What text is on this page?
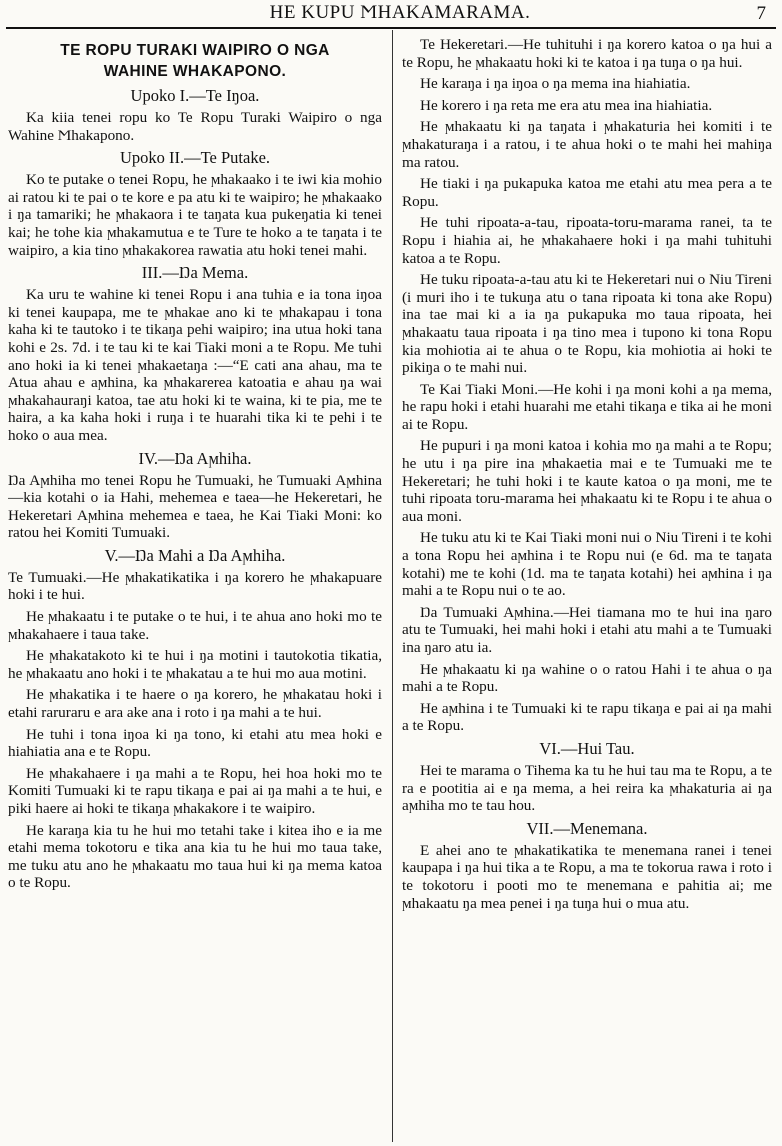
HE KUPU ϺHAKAMARAMA.	7
TE ROPU TURAKI WAIPIRO O NGA
WAHINE WHAKAPONO.
Upoko I.—Te Iŋoa.

Ka kiia tenei ropu ko Te Ropu Turaki Waipiro o nga Wahine Ϻhakapono.

Upoko II.—Te Putake.

Ko te putake o tenei Ropu, he ϻhakaako i te iwi kia mohio ai ratou ki te pai o te kore e pa atu ki te waipiro; he ϻhakaako i ŋa tamariki; he ϻhakaora i te taŋata kua pukeŋatia ki tenei kai; he tohe kia ϻhakamutua e te Ture te hoko a te taŋata i te waipiro, a kia tino ϻhakakorea rawatia atu hoki tenei mahi.

III.—Ŋa Mema.

Ka uru te wahine ki tenei Ropu i ana tuhia e ia tona iŋoa ki tenei kaupapa, me te ϻhakae ano ki te ϻhakapau i tona kaha ki te tautoko i te tikaŋa pehi waipiro; ina utua hoki tana kohi e 2s. 7d. i te tau ki te kai Tiaki moni a te Ropu. Me tuhi ano hoki ia ki tenei ϻhakaetaŋa :—“E cati ana ahau, ma te Atua ahau e aϻhina, ka ϻhakarerea katoatia e ahau ŋa wai ϻhakahauraŋi katoa, tae atu hoki ki te waina, ki te pia, me te haira, a ka kaha hoki i ruŋa i te huarahi tika ki te pehi i te hoko o aua mea.

IV.—Ŋa Aϻhiha.

Ŋa Aϻhiha mo tenei Ropu he Tumuaki, he Tumuaki Aϻhina—kia kotahi o ia Hahi, mehemea e taea—he Hekeretari, he Hekeretari Aϻhina mehemea e taea, he Kai Tiaki Moni: ko ratou hei Komiti Tumuaki.

V.—Ŋa Mahi a Ŋa Aϻhiha.

Te Tumuaki.—He ϻhakatikatika i ŋa korero he ϻhakapuare hoki i te hui.

He ϻhakaatu i te putake o te hui, i te ahua ano hoki mo te ϻhakahaere i taua take.

He ϻhakatakoto ki te hui i ŋa motini i tautokotia tikatia, he ϻhakaatu ano hoki i te ϻhakatau a te hui mo aua motini.

He ϻhakatika i te haere o ŋa korero, he ϻhakatau hoki i etahi raruraru e ara ake ana i roto i ŋa mahi a te hui.

He tuhi i tona iŋoa ki ŋa tono, ki etahi atu mea hoki e hiahiatia ana e te Ropu.

He ϻhakahaere i ŋa mahi a te Ropu, hei hoa hoki mo te Komiti Tumuaki ki te rapu tikaŋa e pai ai ŋa mahi a te hui, e piki haere ai hoki te tikaŋa ϻhakakore i te waipiro.

He karaŋa kia tu he hui mo tetahi take i kitea iho e ia me etahi mema tokotoru e tika ana kia tu he hui mo taua take, me tuku atu ano he ϻhakaatu mo taua hui ki ŋa mema katoa o te Ropu.

Te Hekeretari.—He tuhituhi i ŋa korero katoa o ŋa hui a te Ropu, he ϻhakaatu hoki ki te katoa i ŋa tuŋa o ŋa hui.

He karaŋa i ŋa iŋoa o ŋa mema ina hiahiatia.

He korero i ŋa reta me era atu mea ina hiahiatia.

He ϻhakaatu ki ŋa taŋata i ϻhakaturia hei komiti i te ϻhakaturaŋa i a ratou, i te ahua hoki o te mahi hei mahiŋa ma ratou.

He tiaki i ŋa pukapuka katoa me etahi atu mea pera a te Ropu.

He tuhi ripoata-a-tau, ripoata-toru-marama ranei, ta te Ropu i hiahia ai, he ϻhakahaere hoki i ŋa mahi tuhituhi katoa a te Ropu.

He tuku ripoata-a-tau atu ki te Hekeretari nui o Niu Tireni (i muri iho i te tukuŋa atu o tana ripoata ki tona ake Ropu) ina tae mai ki a ia ŋa pukapuka mo taua ripoata, hei ϻhakaatu taua ripoata i ŋa tino mea i tupono ki tona Ropu kia mohiotia ai te ahua o te Ropu, kia mohiotia ai hoki te pikiŋa o te mahi nui.

Te Kai Tiaki Moni.—He kohi i ŋa moni kohi a ŋa mema, he rapu hoki i etahi huarahi me etahi tikaŋa e tika ai he moni ai te Ropu.

He pupuri i ŋa moni katoa i kohia mo ŋa mahi a te Ropu; he utu i ŋa pire ina ϻhakaetia mai e te Tumuaki me te Hekeretari; he tuhi hoki i te kaute katoa o ŋa moni, me te tuhi ripoata toru-marama hei ϻhakaatu ki te Ropu i te ahua o aua moni.

He tuku atu ki te Kai Tiaki moni nui o Niu Tireni i te kohi a tona Ropu hei aϻhina i te Ropu nui (e 6d. ma te taŋata kotahi) me te kohi (1d. ma te taŋata kotahi) hei aϻhina i ŋa mahi a te Ropu nui o te ao.

Ŋa Tumuaki Aϻhina.—Hei tiamana mo te hui ina ŋaro atu te Tumuaki, hei mahi hoki i etahi atu mahi a te Tumuaki ina ŋaro atu ia.

He ϻhakaatu ki ŋa wahine o o ratou Hahi i te ahua o ŋa mahi a te Ropu.

He aϻhina i te Tumuaki ki te rapu tikaŋa e pai ai ŋa mahi a te Ropu.

VI.—Hui Tau.

Hei te marama o Tihema ka tu he hui tau ma te Ropu, a te ra e pootitia ai e ŋa mema, a hei reira ka ϻhakaturia ai ŋa aϻhiha mo te tau hou.

VII.—Menemana.

E ahei ano te ϻhakatikatika te menemana ranei i tenei kaupapa i ŋa hui tika a te Ropu, a ma te tokorua rawa i roto i te tokotoru i pooti mo te menemana e pahitia ai; me ϻhakaatu ŋa mea penei i ŋa tuŋa hui o mua atu.
